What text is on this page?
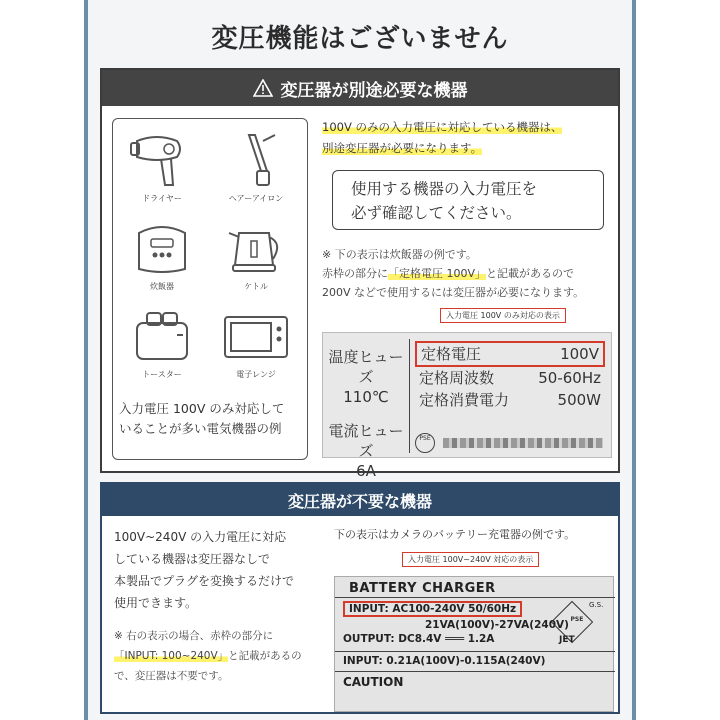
変圧機能はございません
変圧器が別途必要な機器
ドライヤー	ヘアーアイロン
炊飯器	ケトル
トースター	電子レンジ
入力電圧 100V のみ対応して
いることが多い電気機器の例
100V のみの入力電圧に対応している機器は、
別途変圧器が必要になります。
使用する機器の入力電圧を
必ず確認してください。
※ 下の表示は炊飯器の例です。
赤枠の部分に「定格電圧 100V」と記載があるので
200V などで使用するには変圧器が必要になります。
入力電圧 100V のみ対応の表示
温度ヒューズ
110℃
電流ヒューズ
6A
定格電圧	100V
定格周波数	50-60Hz
定格消費電力	500W
PSE
変圧器が不要な機器
100V~240V の入力電圧に対応
している機器は変圧器なしで
本製品でプラグを変換するだけで
使用できます。
※ 右の表示の場合、赤枠の部分に
「INPUT: 100~240V」と記載があるの
で、変圧器は不要です。
下の表示はカメラのバッテリー充電器の例です。
入力電圧 100V~240V 対応の表示
BATTERY CHARGER
INPUT: AC100-240V 50/60Hz
21VA(100V)-27VA(240V)
OUTPUT: DC8.4V ═══ 1.2A
INPUT: 0.21A(100V)-0.115A(240V)
CAUTION
PSE
G.S.
JET
